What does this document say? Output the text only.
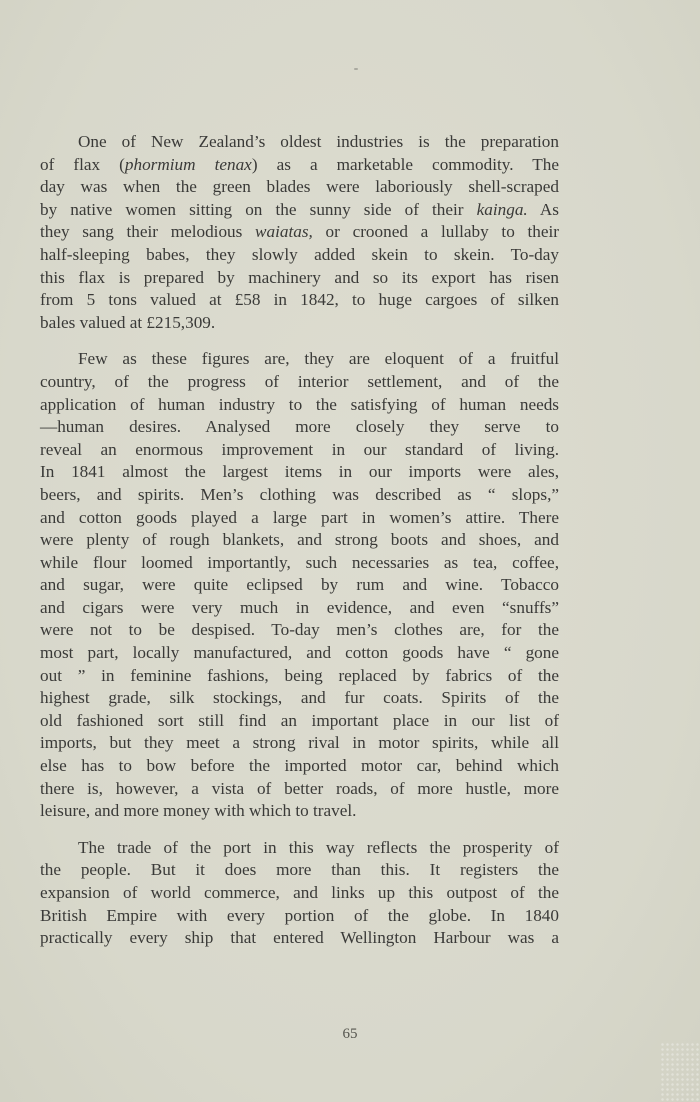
One of New Zealand’s oldest industries is the preparation
of flax (phormium tenax) as a marketable commodity. The
day was when the green blades were laboriously shell-scraped
by native women sitting on the sunny side of their kainga. As
they sang their melodious waiatas, or crooned a lullaby to their
half-sleeping babes, they slowly added skein to skein. To-day
this flax is prepared by machinery and so its export has risen
from 5 tons valued at £58 in 1842, to huge cargoes of silken
bales valued at £215,309.
Few as these figures are, they are eloquent of a fruitful
country, of the progress of interior settlement, and of the
application of human industry to the satisfying of human needs
—human desires. Analysed more closely they serve to
reveal an enormous improvement in our standard of living.
In 1841 almost the largest items in our imports were ales,
beers, and spirits. Men’s clothing was described as “ slops,”
and cotton goods played a large part in women’s attire. There
were plenty of rough blankets, and strong boots and shoes, and
while flour loomed importantly, such necessaries as tea, coffee,
and sugar, were quite eclipsed by rum and wine. Tobacco
and cigars were very much in evidence, and even “snuffs”
were not to be despised. To-day men’s clothes are, for the
most part, locally manufactured, and cotton goods have “ gone
out ” in feminine fashions, being replaced by fabrics of the
highest grade, silk stockings, and fur coats. Spirits of the
old fashioned sort still find an important place in our list of
imports, but they meet a strong rival in motor spirits, while all
else has to bow before the imported motor car, behind which
there is, however, a vista of better roads, of more hustle, more
leisure, and more money with which to travel.
The trade of the port in this way reflects the prosperity of
the people. But it does more than this. It registers the
expansion of world commerce, and links up this outpost of the
British Empire with every portion of the globe. In 1840
practically every ship that entered Wellington Harbour was a
65
